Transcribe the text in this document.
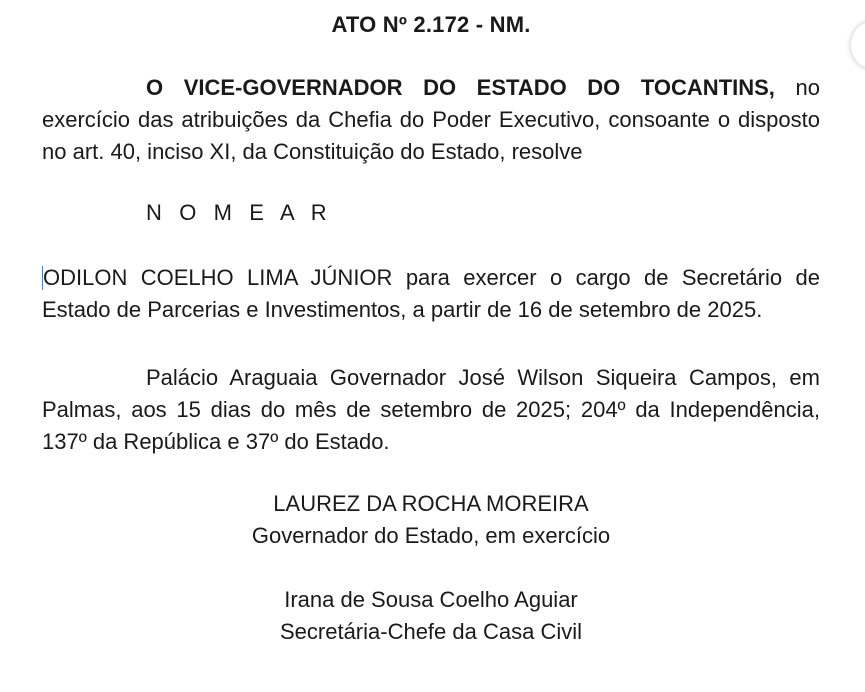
ATO Nº 2.172 - NM.
O VICE-GOVERNADOR DO ESTADO DO TOCANTINS, no exercício das atribuições da Chefia do Poder Executivo, consoante o disposto no art. 40, inciso XI, da Constituição do Estado, resolve
N O M E A R
ODILON COELHO LIMA JÚNIOR para exercer o cargo de Secretário de Estado de Parcerias e Investimentos, a partir de 16 de setembro de 2025.
Palácio Araguaia Governador José Wilson Siqueira Campos, em Palmas, aos 15 dias do mês de setembro de 2025; 204º da Independência, 137º da República e 37º do Estado.
LAUREZ DA ROCHA MOREIRA
Governador do Estado, em exercício
Irana de Sousa Coelho Aguiar
Secretária-Chefe da Casa Civil
